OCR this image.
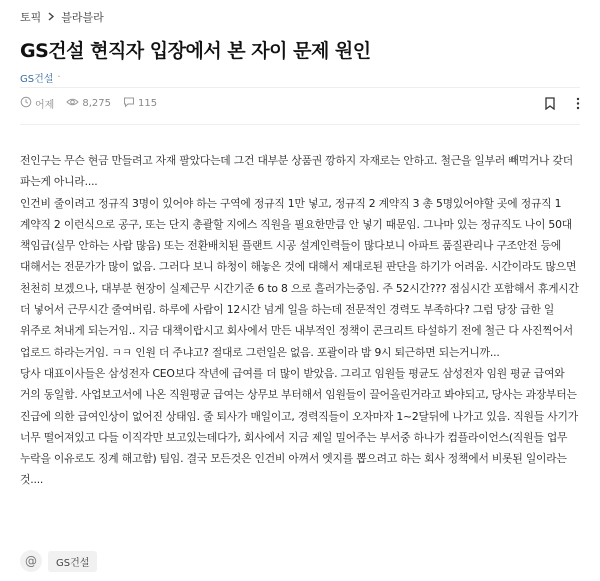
토픽 블라블라
GS건설 현직자 입장에서 본 자이 문제 원인
GS건설 ·
어제	8,275	115

전인구는 무슨 현금 만들려고 자재 팔았다는데 그건 대부분 상품권 깡하지 자재로는 안하고. 철근을 일부러 빼먹거나 갖더 파는게 아니라....

인건비 줄이려고 정규직 3명이 있어야 하는 구역에 정규직 1만 넣고, 정규직 2 계약직 3 총 5명있어야할 곳에 정규직 1 계약직 2 이런식으로 공구, 또는 단지 총괄할 지에스 직원을 필요한만큼 안 넣기 때문임. 그나마 있는 정규직도 나이 50대 책임급(실무 안하는 사람 많음) 또는 전환배치된 플랜트 시공 설계인력들이 많다보니 아파트 품질관리나 구조안전 등에 대해서는 전문가가 많이 없음. 그러다 보니 하청이 해놓은 것에 대해서 제대로된 판단을 하기가 어려움. 시간이라도 많으면 천천히 보겠으나, 대부분 현장이 실제근무 시간기준 6 to 8 으로 흘러가는중임. 주 52시간??? 점심시간 포함해서 휴게시간 더 넣어서 근무시간 줄여버림. 하루에 사람이 12시간 넘게 일을 하는데 전문적인 경력도 부족하다? 그럼 당장 급한 일 위주로 쳐내게 되는거임.. 지금 대책이랍시고 회사에서 만든 내부적인 정책이 콘크리트 타설하기 전에 철근 다 사진찍어서 업로드 하라는거임. ㅋㅋ 인원 더 주냐고? 절대로 그런일은 없음. 포괄이라 밤 9시 퇴근하면 되는거니까...

당사 대표이사들은 삼성전자 CEO보다 작년에 급여를 더 많이 받았음. 그리고 임원들 평균도 삼성전자 임원 평균 급여와 거의 동일함. 사업보고서에 나온 직원평균 급여는 상무보 부터해서 임원들이 끌어올린거라고 봐야되고, 당사는 과장부터는 진급에 의한 급여인상이 없어진 상태임. 줄 퇴사가 매일이고, 경력직들이 오자마자 1~2달뒤에 나가고 있음. 직원들 사기가 너무 떨어져있고 다들 이직각만 보고있는데다가, 회사에서 지금 제일 밀어주는 부서중 하나가 컴플라이언스(직원들 업무 누락을 이유로도 징계 해고함) 팀임. 결국 모든것은 인건비 아껴서 엣지를 뽑으려고 하는 회사 정책에서 비롯된 일이라는 것....

@	GS건설
